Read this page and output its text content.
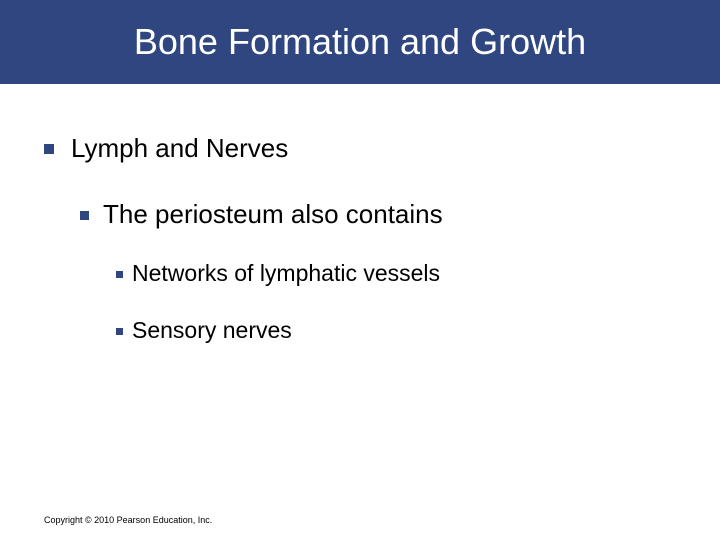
Bone Formation and Growth
Lymph and Nerves
The periosteum also contains
Networks of lymphatic vessels
Sensory nerves
Copyright © 2010 Pearson Education, Inc.
